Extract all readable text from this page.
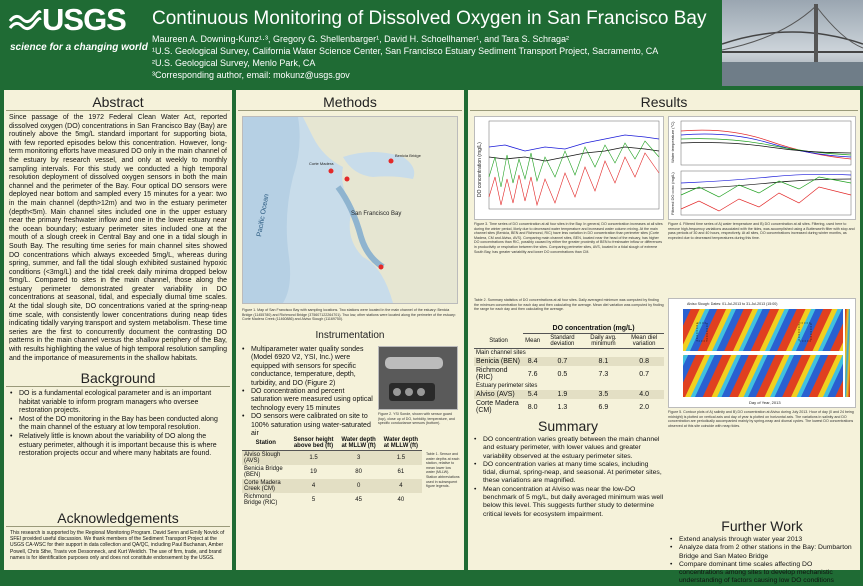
USGS
science for a changing world
Continuous Monitoring of Dissolved Oxygen in San Francisco Bay
Maureen A. Downing-Kunz¹·³, Gregory G. Shellenbarger¹, David H. Schoellhamer¹, and Tara S. Schraga²
¹U.S. Geological Survey, California Water Science Center, San Francisco Estuary Sediment Transport Project, Sacramento, CA
²U.S. Geological Survey, Menlo Park, CA
³Corresponding author, email: mokunz@usgs.gov
Abstract
Since passage of the 1972 Federal Clean Water Act, reported dissolved oxygen (DO) concentrations in San Francisco Bay (Bay) are routinely above the 5mg/L standard important for supporting biota, with few reported episodes below this concentration. However, long-term monitoring efforts have measured DO only in the main channel of the estuary by research vessel, and only at weekly to monthly sampling intervals. For this study we conducted a high temporal resolution deployment of dissolved oxygen sensors in both the main channel and the perimeter of the Bay. Four optical DO sensors were deployed near bottom and sampled every 15 minutes for a year: two in the main channel (depth>12m) and two in the estuary perimeter (depth<5m). Main channel sites included one in the upper estuary near the primary freshwater inflow and one in the lower estuary near the ocean boundary; estuary perimeter sites included one at the mouth of a slough creek in Central Bay and one in a tidal slough in South Bay. The resulting time series for main channel sites showed DO concentrations which always exceeded 5mg/L, whereas during spring, summer, and fall the tidal slough exhibited sustained hypoxic conditions (<3mg/L) and the tidal creek daily minima dropped below 5mg/L. Compared to sites in the main channel, those along the estuary perimeter demonstrated greater variability in DO concentrations at seasonal, tidal, and especially diurnal time scales. At the tidal slough site, DO concentrations varied at the spring-neap time scale, with consistently lower concentrations during neap tides indicating tidally varying transport and system metabolism. These time series are the first to concurrently document the contrasting DO patterns in the main channel versus the shallow periphery of the Bay, with results highlighting the value of high temporal resolution sampling and the importance of measurements in the shallow habitats.
Background
• DO is a fundamental ecological parameter and is an important habitat variable to inform program managers who oversee restoration projects.
• Most of the DO monitoring in the Bay has been conducted along the main channel of the estuary at low temporal resolution.
• Relatively little is known about the variability of DO along the estuary perimeter, although it is important because this is where restoration projects occur and where many habitats are found.
Acknowledgements
This research is supported by the Regional Monitoring Program. David Senn and Emily Novick of SFEI provided useful discussion. We thank members of the Sediment Transport Project at the USGS CA-WSC for their support in data collection and QA/QC, including Paul Buchanan, Amber Powell, Chris Sthe, Travis von Dessonneck, and Kurt Weidich. The use of firm, trade, and brand names is for identification purposes only and does not constitute endorsement by the USGS.
Methods
Pacific Ocean	San Francisco Bay
Corte Madera
Benicia Bridge
Figure 1. Map of San Francisco Bay with sampling locations. Two stations were located in the main channel of the estuary: Benicia Bridge (11455780) and Richmond Bridge (375607122264701). Two low, other stations were located along the perimeter of the estuary: Corte Madera Creek (11460886) and Alviso Slough (11169750).
Instrumentation
• Multiparameter water quality sondes (Model 6920 V2, YSI, Inc.) were equipped with sensors for specific conductance, temperature, depth, turbidity, and DO (Figure 2)
• DO concentration and percent saturation were measured using optical technology every 15 minutes
• DO sensors were calibrated on site to 100% saturation using water-saturated air
Figure 2. YSI Sonde, shown with sensor guard (top), close up of DO, turbidity, temperature, and specific conductance sensors (bottom).
Station	Sensor height above bed (ft)	Water depth at MLLW (ft)	Water depth at MLLW (ft)
Alviso Slough (AVS)	1.5	3	1.5
Benicia Bridge (BEN)	19	80	61
Corte Madera Creek (CM)	4	0	4
Richmond Bridge (RIC)	5	45	40
Table 1. Sensor and water depths at each station, relative to mean lower low water (MLLW). Station abbreviations used in subsequent figure legends.
Results
DO concentration (mg/L)
Figure 3. Time series of DO concentration at all four sites in the Bay. In general, DO concentration increases at all sites during the winter period, likely due to decreased water temperature and increased water column mixing. At the main channel sites (Benicia, BEN and Richmond, RIC) have less variation in DO concentration than perimeter sites (Corte Madera, CM and Alviso, AVS). Comparing main channel sites, BEN, located near the head of the estuary, has higher DO concentrations than RIC, possibly caused by either the greater proximity of BEN to freshwater inflow or differences in productivity or respiration between the sites. Comparing perimeter sites, AVS, located in a tidal slough of extreme South Bay, has greater variability and lower DO concentrations than CM.
Water temperature (°C)
Filtered DO conc (mg/L)
Figure 4. Filtered time series of A) water temperature and B) DO concentration at all sites. Filtering, used here to remove high-frequency variations associated with the tides, was accomplished using a Butterworth filter with stop and pass periods of 30 and 40 hours, respectively. At all sites, DO concentrations increased during winter months, as expected due to decreased temperatures during this time.
Table 2. Summary statistics of DO concentrations at all four sites. Daily averaged minimum was computed by finding the minimum concentration for each day and then calculating the average. Mean diel variation was computed by finding the range for each day and then calculating the average.
	DO concentration (mg/L)			
Station	Mean	Standard deviation	Daily avg. minimum	Mean diel variation
Main channel sites				
Benicia (BEN)	8.4	0.7	8.1	0.8
Richmond (RIC)	7.6	0.5	7.3	0.7
Estuary perimeter sites				
Alviso (AVS)	5.4	1.9	3.5	4.0
Corte Madera (CM)	8.0	1.3	6.9	2.0
Summary
• DO concentration varies greatly between the main channel and estuary perimeter, with lower values and greater variability observed at the estuary perimeter sites.
• DO concentration varies at many time scales, including tidal, diurnal, spring-neap, and seasonal. At perimeter sites, these variations are magnified.
• Mean concentration at Alviso was near the low-DO benchmark of 5 mg/L, but daily averaged minimum was well below this level. This suggests further study to determine critical levels for ecosystem impairment.
Alviso Slough: Dates: 01-Jul-2013 to 31-Jul-2013 (15:00)
Day of Year, 2013
Figure 5. Contour plots of A) salinity and B) DO concentration at Alviso during July 2013. Hour of day (0 and 24 being midnight) is plotted on vertical axis and day of year is plotted on horizontal axis. The variations in salinity and DO concentration are periodically accompanied mainly by spring-neap and diurnal cycles. The lowest DO concentrations observed at this site coincide with neap tides.
Further Work
• Extend analysis through water year 2013
• Analyze data from 2 other stations in the Bay: Dumbarton Bridge and San Mateo Bridge
• Compare dominant time scales affecting DO concentrations among sites to develop mechanistic understanding of factors causing low DO conditions
